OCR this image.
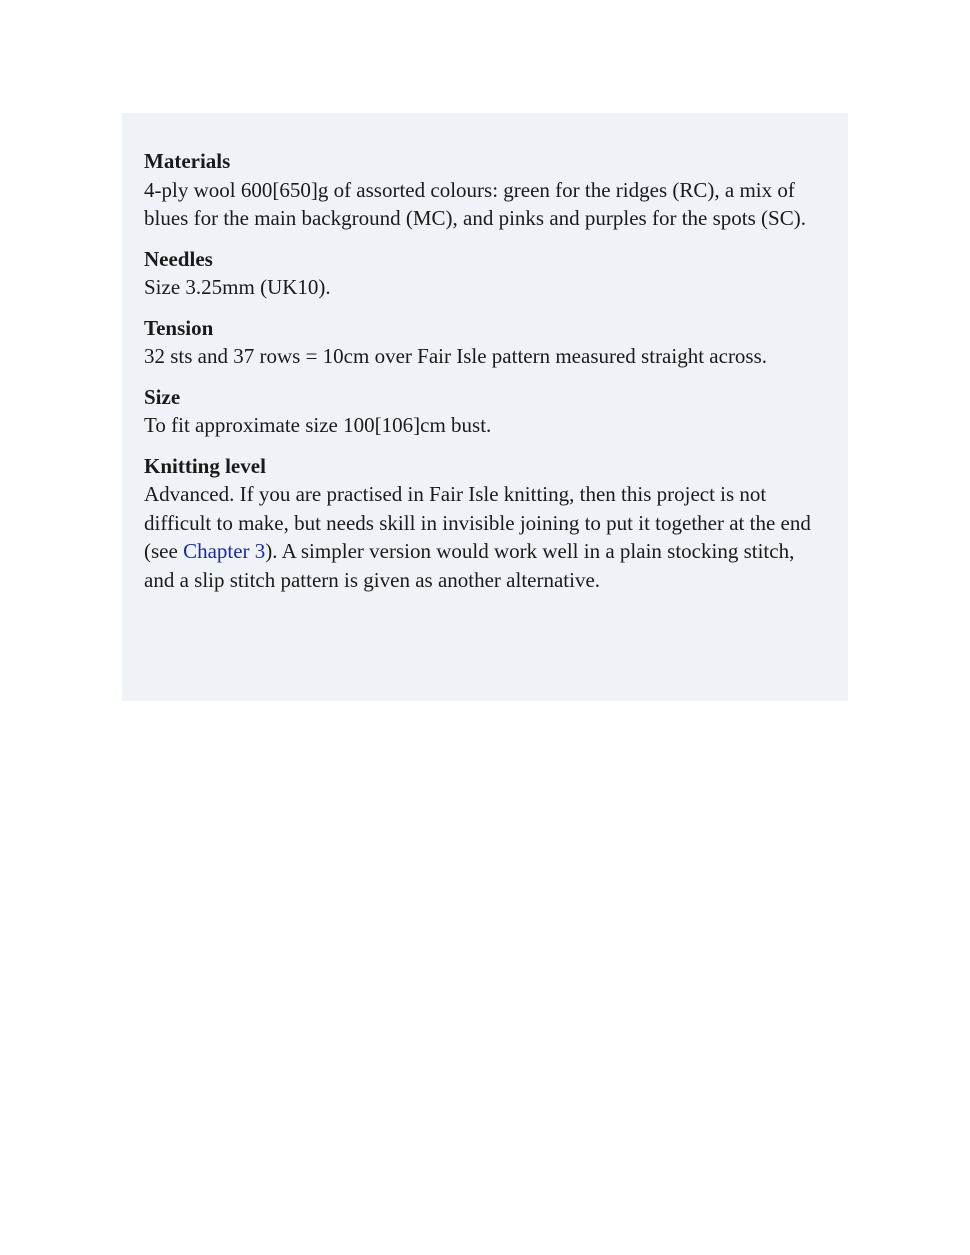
Materials

4-ply wool 600[650]g of assorted colours: green for the ridges (RC), a mix of blues for the main background (MC), and pinks and purples for the spots (SC).

Needles

Size 3.25mm (UK10).

Tension

32 sts and 37 rows = 10cm over Fair Isle pattern measured straight across.

Size

To fit approximate size 100[106]cm bust.

Knitting level

Advanced. If you are practised in Fair Isle knitting, then this project is not difficult to make, but needs skill in invisible joining to put it together at the end (see Chapter 3). A simpler version would work well in a plain stocking stitch, and a slip stitch pattern is given as another alternative.
